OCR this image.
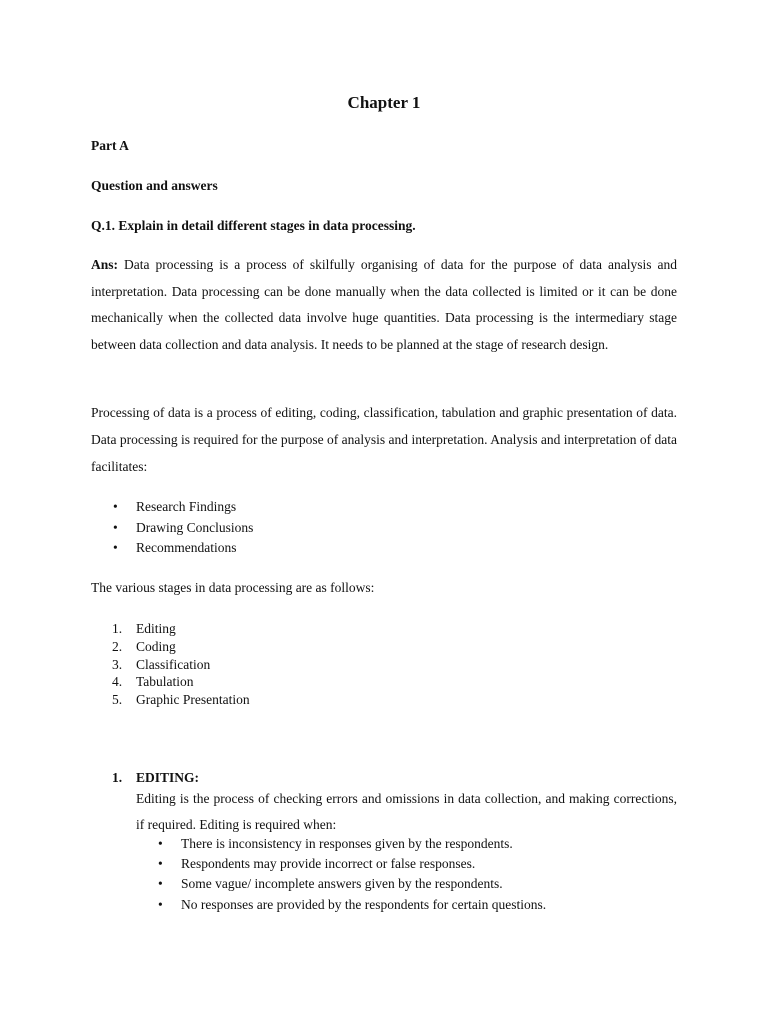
Chapter 1

Part A

Question and answers

Q.1. Explain in detail different stages in data processing.

Ans: Data processing is a process of skilfully organising of data for the purpose of data analysis and interpretation. Data processing can be done manually when the data collected is limited or it can be done mechanically when the collected data involve huge quantities. Data processing is the intermediary stage between data collection and data analysis. It needs to be planned at the stage of research design.

Processing of data is a process of editing, coding, classification, tabulation and graphic presentation of data. Data processing is required for the purpose of analysis and interpretation. Analysis and interpretation of data facilitates:

• Research Findings
• Drawing Conclusions
• Recommendations

The various stages in data processing are as follows:

1. Editing
2. Coding
3. Classification
4. Tabulation
5. Graphic Presentation

1. EDITING:

Editing is the process of checking errors and omissions in data collection, and making corrections, if required. Editing is required when:

• There is inconsistency in responses given by the respondents.
• Respondents may provide incorrect or false responses.
• Some vague/ incomplete answers given by the respondents.
• No responses are provided by the respondents for certain questions.
